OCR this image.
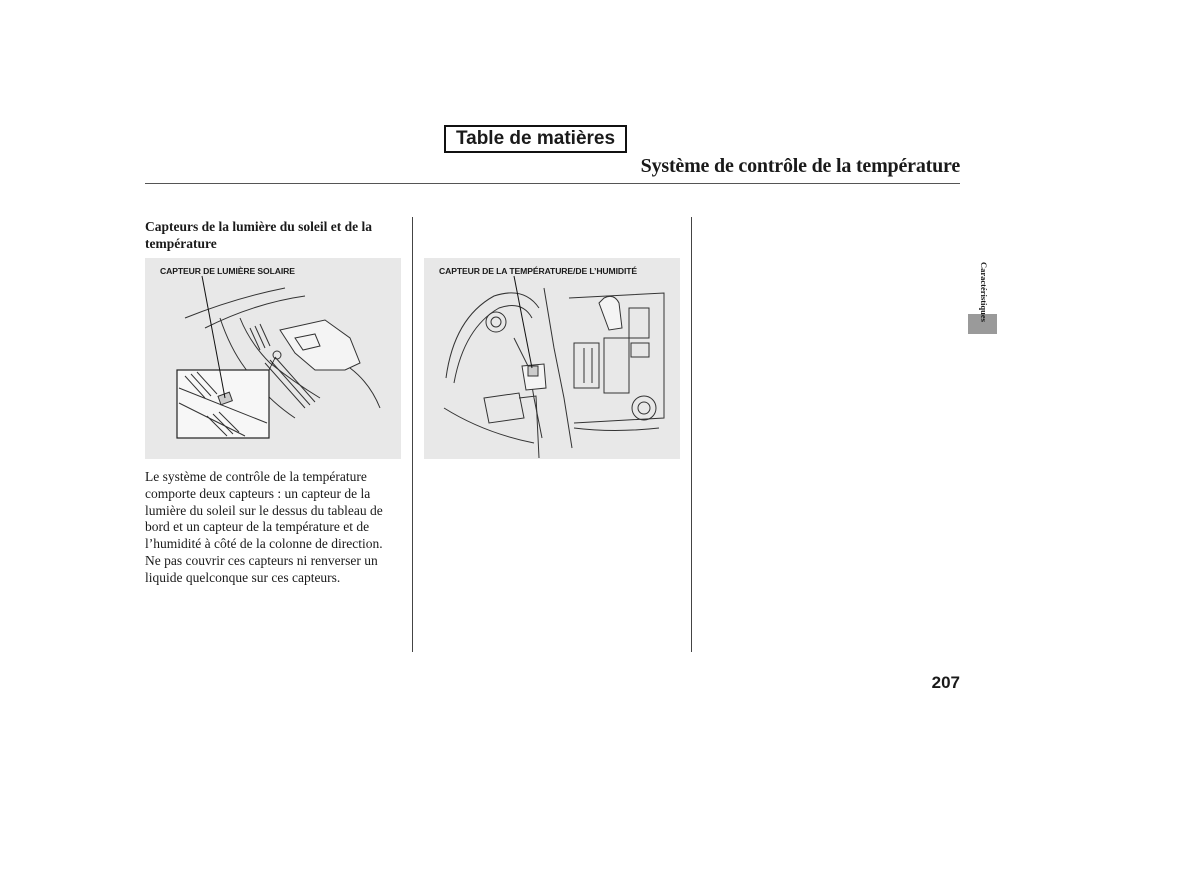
Table de matières
Système de contrôle de la température
Capteurs de la lumière du soleil et de la température
CAPTEUR DE LUMIÈRE SOLAIRE	CAPTEUR DE LA TEMPÉRATURE/DE L’HUMIDITÉ
Le système de contrôle de la température comporte deux capteurs : un capteur de la lumière du soleil sur le dessus du tableau de bord et un capteur de la température et de l’humidité à côté de la colonne de direction. Ne pas couvrir ces capteurs ni renverser un liquide quelconque sur ces capteurs.
Caractéristiques
207
